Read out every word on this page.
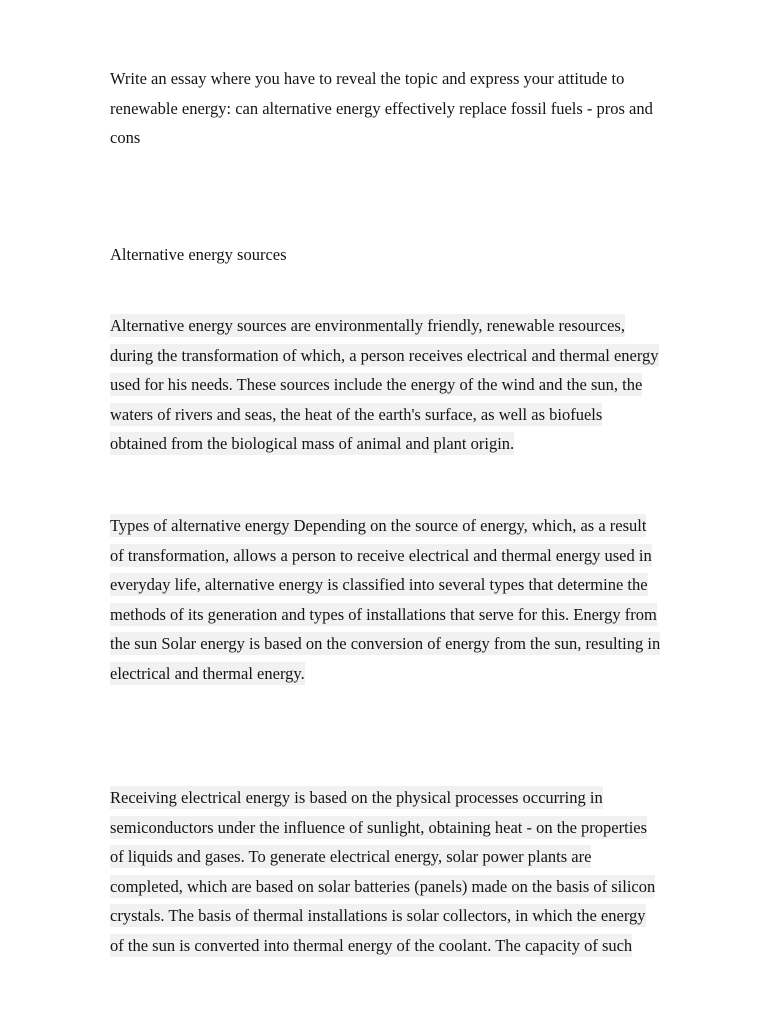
Write an essay where you have to reveal the topic and express your attitude to
renewable energy: can alternative energy effectively replace fossil fuels - pros and
cons
Alternative energy sources
Alternative energy sources are environmentally friendly, renewable resources,
during the transformation of which, a person receives electrical and thermal energy
used for his needs. These sources include the energy of the wind and the sun, the
waters of rivers and seas, the heat of the earth's surface, as well as biofuels
obtained from the biological mass of animal and plant origin.
Types of alternative energy Depending on the source of energy, which, as a result
of transformation, allows a person to receive electrical and thermal energy used in
everyday life, alternative energy is classified into several types that determine the
methods of its generation and types of installations that serve for this. Energy from
the sun Solar energy is based on the conversion of energy from the sun, resulting in
electrical and thermal energy.
Receiving electrical energy is based on the physical processes occurring in
semiconductors under the influence of sunlight, obtaining heat - on the properties
of liquids and gases. To generate electrical energy, solar power plants are
completed, which are based on solar batteries (panels) made on the basis of silicon
crystals. The basis of thermal installations is solar collectors, in which the energy
of the sun is converted into thermal energy of the coolant. The capacity of such
